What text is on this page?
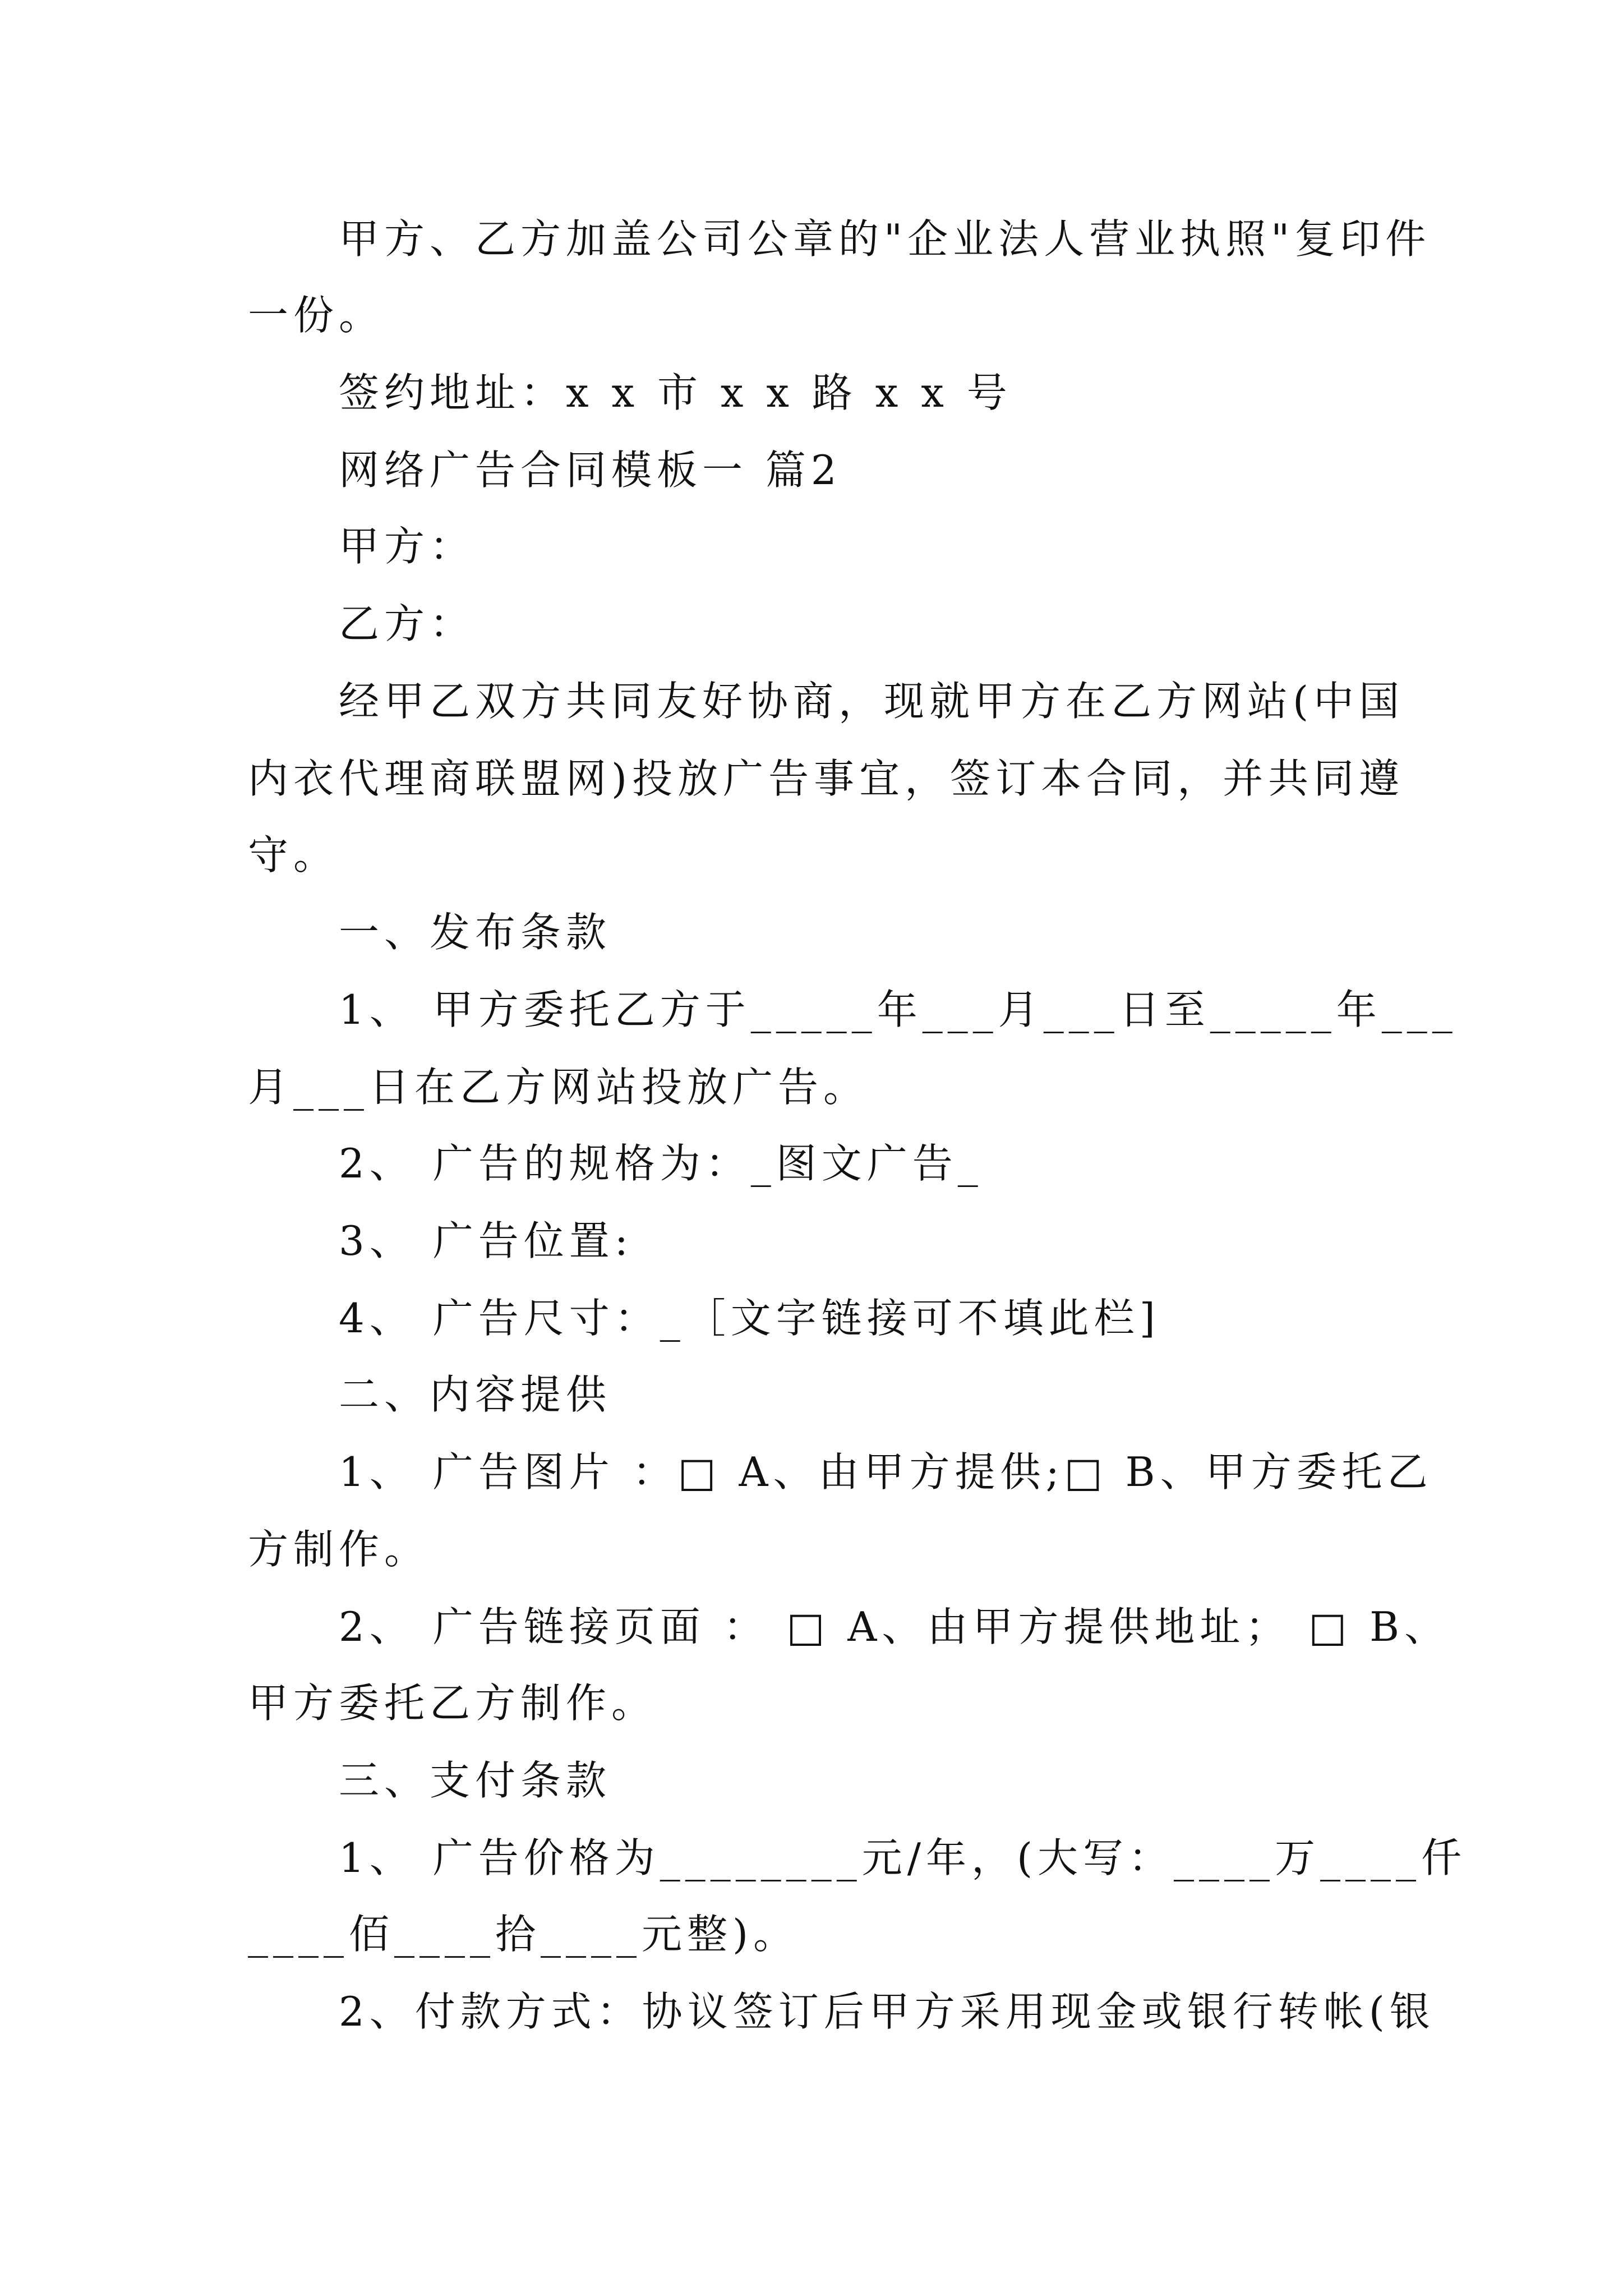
甲方、乙方加盖公司公章的"企业法人营业执照"复印件

一份。

签约地址：x x 市 x x 路 x x 号

网络广告合同模板一 篇2

甲方：

乙方：

经甲乙双方共同友好协商，现就甲方在乙方网站(中国

内衣代理商联盟网)投放广告事宜，签订本合同，并共同遵

守。

一、发布条款

1、 甲方委托乙方于_____年___月___日至_____年___

月___日在乙方网站投放广告。

2、 广告的规格为：_图文广告_

3、 广告位置:

4、 广告尺寸：_［文字链接可不填此栏]

二、内容提供

1、 广告图片 ：□ A、由甲方提供;□ B、甲方委托乙

方制作。

2、 广告链接页面 ： □ A、由甲方提供地址； □ B、

甲方委托乙方制作。

三、支付条款

1、 广告价格为________元/年，(大写：____万____仟

____佰____拾____元整)。

2、付款方式：协议签订后甲方采用现金或银行转帐(银
